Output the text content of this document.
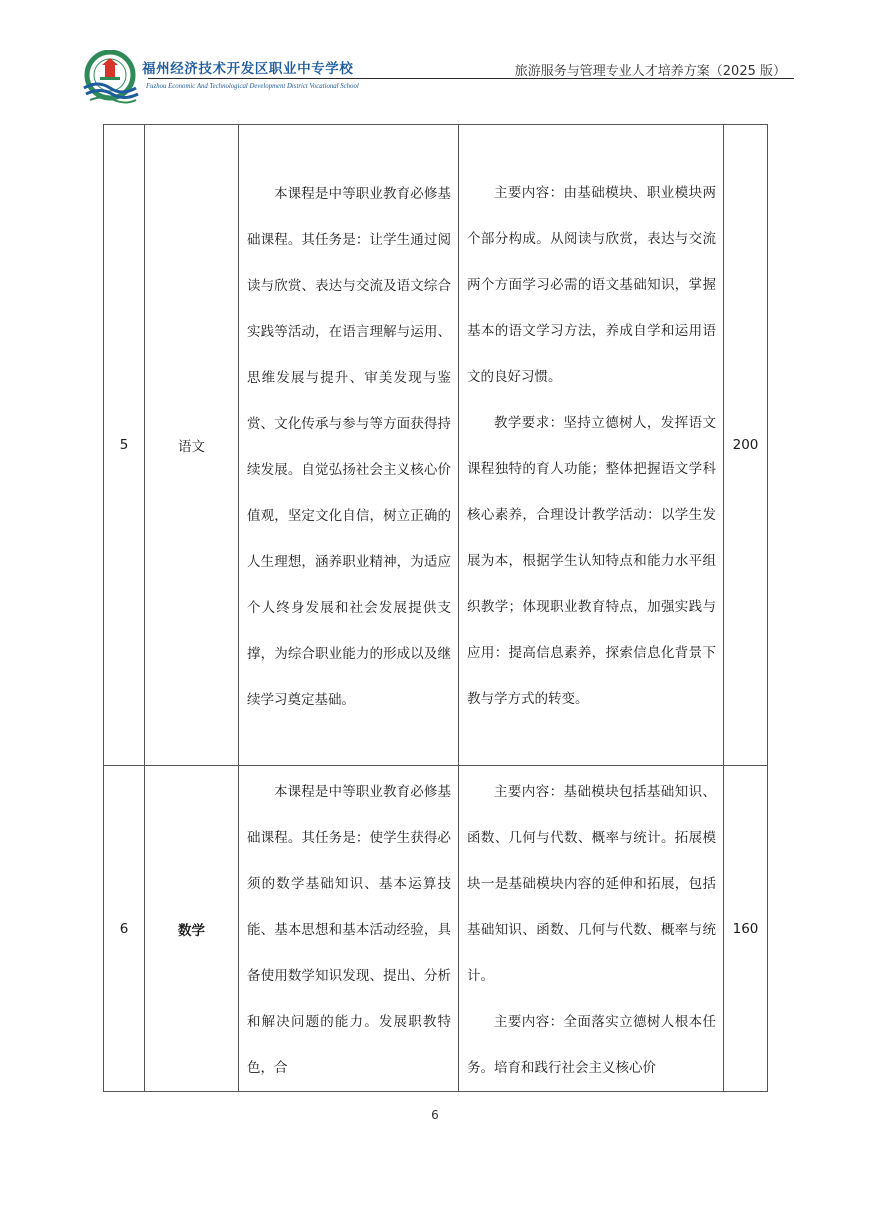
福州经济技术开发区职业中专学校
Fuzhou Economic And Technological Development District Vocational School
旅游服务与管理专业人才培养方案（2025 版）
5	语文	本课程是中等职业教育必修基础课程。其任务是：让学生通过阅读与欣赏、表达与交流及语文综合实践等活动，在语言理解与运用、思维发展与提升、审美发现与鉴赏、文化传承与参与等方面获得持续发展。自觉弘扬社会主义核心价值观，坚定文化自信，树立正确的人生理想，涵养职业精神，为适应个人终身发展和社会发展提供支撑，为综合职业能力的形成以及继续学习奠定基础。	主要内容：由基础模块、职业模块两个部分构成。从阅读与欣赏，表达与交流两个方面学习必需的语文基础知识，掌握基本的语文学习方法，养成自学和运用语文的良好习惯。

教学要求：坚持立德树人，发挥语文课程独特的育人功能；整体把握语文学科核心素养，合理设计教学活动：以学生发展为本，根据学生认知特点和能力水平组织教学；体现职业教育特点，加强实践与应用：提高信息素养，探索信息化背景下教与学方式的转变。	200
6	数学	本课程是中等职业教育必修基础课程。其任务是：使学生获得必须的数学基础知识、基本运算技能、基本思想和基本活动经验，具备使用数学知识发现、提出、分析和解决问题的能力。发展职教特色，合	主要内容：基础模块包括基础知识、函数、几何与代数、概率与统计。拓展模块一是基础模块内容的延伸和拓展，包括基础知识、函数、几何与代数、概率与统计。

主要内容：全面落实立德树人根本任务。培育和践行社会主义核心价	160
6
